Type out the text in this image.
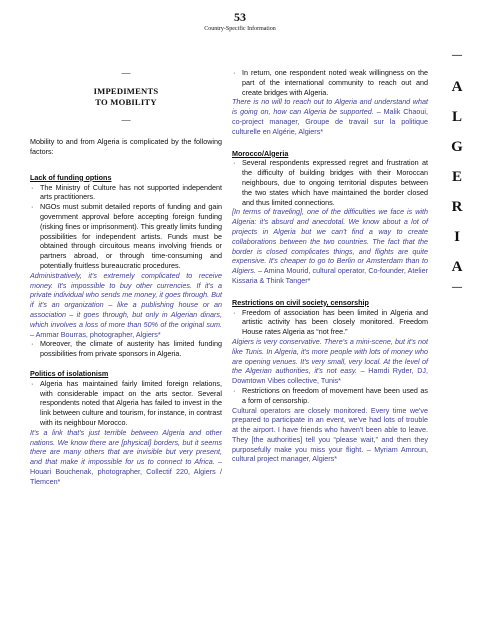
53
Country-Specific Information
—
IMPEDIMENTS
TO MOBILITY
—

Mobility to and from Algeria is complicated by the following factors:

Lack of funding options

· The Ministry of Culture has not supported independent arts practitioners.

· NGOs must submit detailed reports of funding and gain government approval before accepting foreign funding (risking fines or imprisonment). This greatly limits funding possibilities for independent artists. Funds must be obtained through circuitous means involving friends or partners abroad, or through time-consuming and potentially fruitless bureaucratic procedures.

Administratively, it's extremely complicated to receive money. It's impossible to buy other currencies. If it's a private individual who sends me money, it goes through. But if it's an organization – like a publishing house or an association – it goes through, but only in Algerian dinars, which involves a loss of more than 50% of the original sum. – Ammar Bourras, photographer, Algiers*

· Moreover, the climate of austerity has limited funding possibilities from private sponsors in Algeria.

Politics of isolationism

· Algeria has maintained fairly limited foreign relations, with considerable impact on the arts sector. Several respondents noted that Algeria has failed to invest in the link between culture and tourism, for instance, in contrast with its neighbour Morocco.

It's a link that's just terrible between Algeria and other nations. We know there are [physical] borders, but it seems there are many others that are invisible but very present, and that make it impossible for us to connect to Africa. – Houari Bouchenak, photographer, Collectif 220, Algiers / Tlemcen*

· In return, one respondent noted weak willingness on the part of the international community to reach out and create bridges with Algeria.

There is no will to reach out to Algeria and understand what is going on, how can Algeria be supported. – Malik Chaoui, co-project manager, Groupe de travail sur la politique culturelle en Algérie, Algiers*

Morocco/Algeria

· Several respondents expressed regret and frustration at the difficulty of building bridges with their Moroccan neighbours, due to ongoing territorial disputes between the two states which have maintained the border closed and thus limited connections.

[In terms of traveling], one of the difficulties we face is with Algeria: it's absurd and anecdotal. We know about a lot of projects in Algeria but we can't find a way to create collaborations between the two countries. The fact that the border is closed complicates things, and flights are quite expensive. It's cheaper to go to Berlin or Amsterdam than to Algiers. – Amina Mourid, cultural operator, Co-founder, Atelier Kissaria & Think Tanger*

Restrictions on civil society, censorship

· Freedom of association has been limited in Algeria and artistic activity has been closely monitored. Freedom House rates Algeria as “not free.”

Algiers is very conservative. There's a mini-scene, but it's not like Tunis. In Algeria, it's more people with lots of money who are opening venues. It's very small, very local. At the level of the Algerian authorities, it's not easy. – Hamdi Ryder, DJ, Downtown Vibes collective, Tunis*

· Restrictions on freedom of movement have been used as a form of censorship.

Cultural operators are closely monitored. Every time we've prepared to participate in an event, we've had lots of trouble at the airport. I have friends who haven't been able to leave. They [the authorities] tell you “please wait,” and then they purposefully make you miss your flight. – Myriam Amroun, cultural project manager, Algiers*

—
A
L
G
E
R
I
A
—
